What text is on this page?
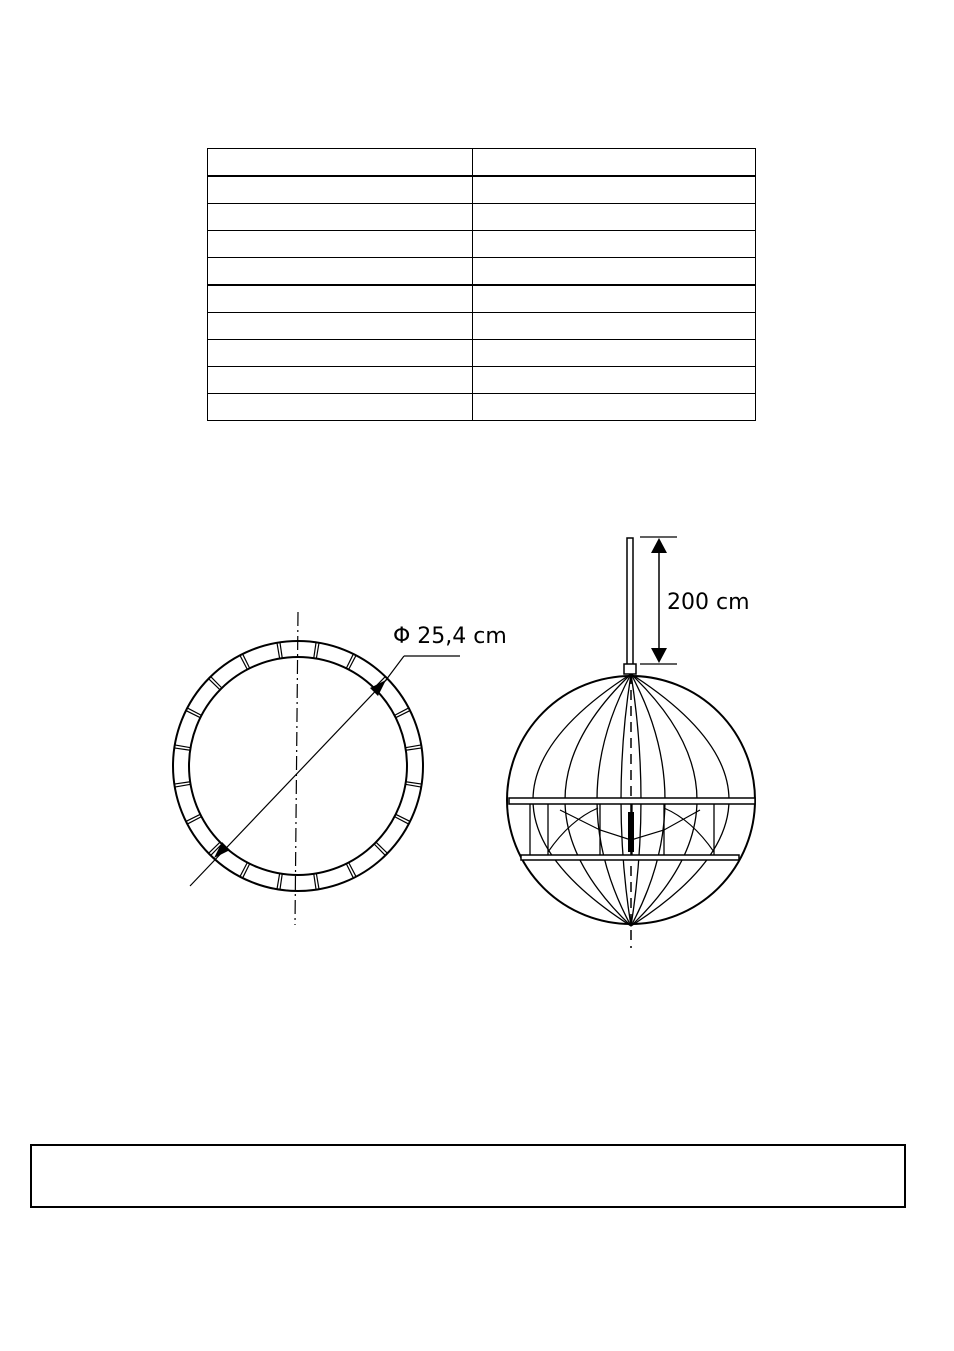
Φ 25,4 cm
200 cm
